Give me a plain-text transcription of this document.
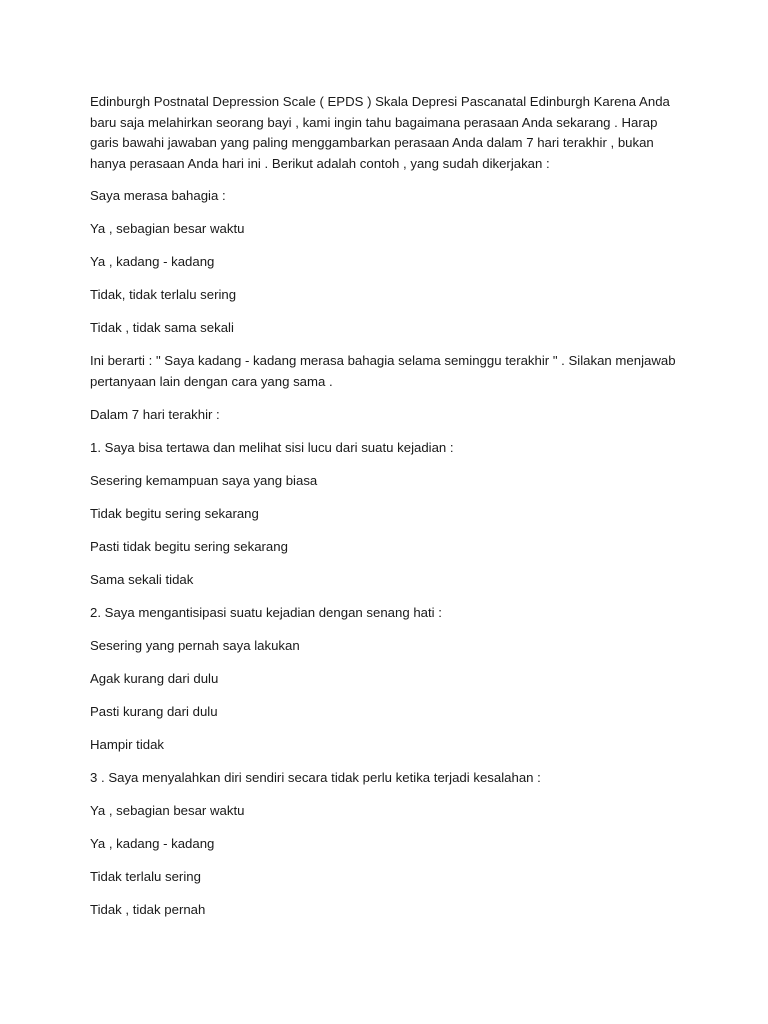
Edinburgh Postnatal Depression Scale ( EPDS ) Skala Depresi Pascanatal Edinburgh Karena Anda baru saja melahirkan seorang bayi , kami ingin tahu bagaimana perasaan Anda sekarang . Harap garis bawahi jawaban yang paling menggambarkan perasaan Anda dalam 7 hari terakhir , bukan hanya perasaan Anda hari ini . Berikut adalah contoh , yang sudah dikerjakan :

Saya merasa bahagia :

Ya , sebagian besar waktu

Ya , kadang - kadang

Tidak, tidak terlalu sering

Tidak , tidak sama sekali

Ini berarti : " Saya kadang - kadang merasa bahagia selama seminggu terakhir " . Silakan menjawab pertanyaan lain dengan cara yang sama .

Dalam 7 hari terakhir :

1. Saya bisa tertawa dan melihat sisi lucu dari suatu kejadian :

Sesering kemampuan saya yang biasa

Tidak begitu sering sekarang

Pasti tidak begitu sering sekarang

Sama sekali tidak

2. Saya mengantisipasi suatu kejadian dengan senang hati :

Sesering yang pernah saya lakukan

Agak kurang dari dulu

Pasti kurang dari dulu

Hampir tidak

3 . Saya menyalahkan diri sendiri secara tidak perlu ketika terjadi kesalahan :

Ya , sebagian besar waktu

Ya , kadang - kadang

Tidak terlalu sering

Tidak , tidak pernah
